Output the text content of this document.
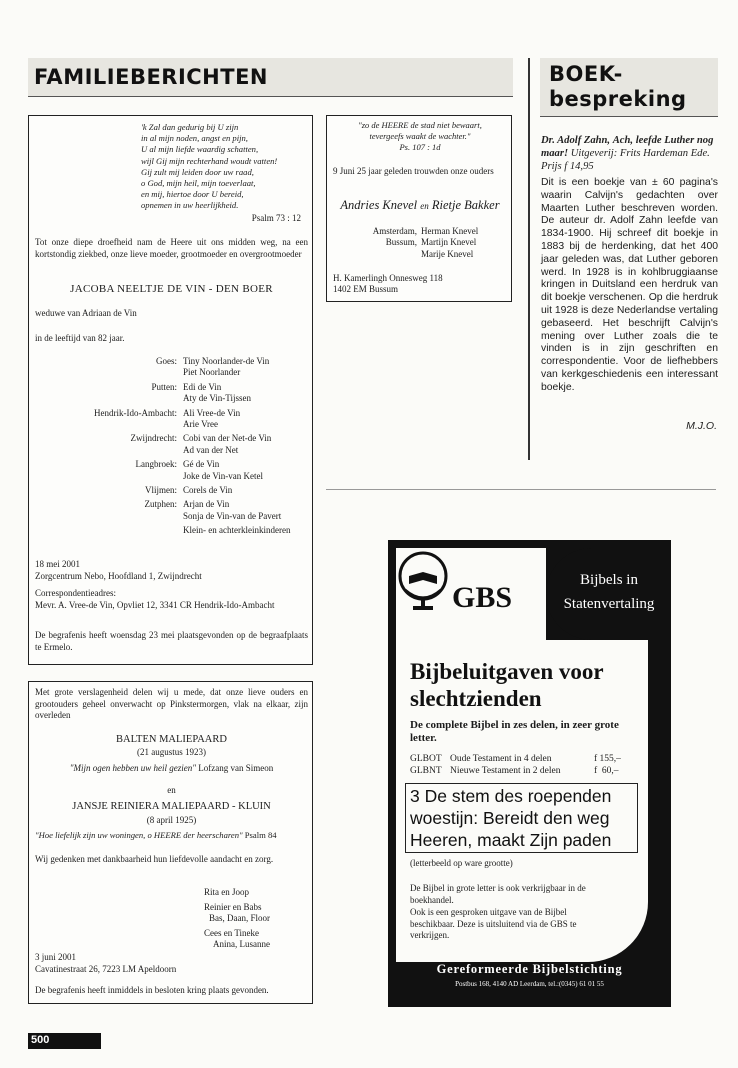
FAMILIEBERICHTEN
'k Zal dan gedurig bij U zijn
in al mijn noden, angst en pijn,
U al mijn liefde waardig schatten,
wijl Gij mijn rechterhand woudt vatten!
Gij zult mij leiden door uw raad,
o God, mijn heil, mijn toeverlaat,
en mij, hiertoe door U bereid,
opnemen in uw heerlijkheid.
Psalm 73 : 12

Tot onze diepe droefheid nam de Heere uit ons midden weg, na een kortstondig ziekbed, onze lieve moeder, grootmoeder en overgrootmoeder

JACOBA NEELTJE DE VIN - DEN BOER
weduwe van Adriaan de Vin
in de leeftijd van 82 jaar.
Goes: Tiny Noorlander-de Vin
Piet Noorlander
Putten: Edi de Vin
Aty de Vin-Tijssen
Hendrik-Ido-Ambacht: Ali Vree-de Vin
Arie Vree
Zwijndrecht: Cobi van der Net-de Vin
Ad van der Net
Langbroek: Gé de Vin
Joke de Vin-van Ketel
Vlijmen: Corels de Vin
Zutphen: Arjan de Vin
Sonja de Vin-van de Pavert
Klein- en achterkleinkinderen
18 mei 2001
Zorgcentrum Nebo, Hoofdland 1, Zwijndrecht
Correspondentieadres:
Mevr. A. Vree-de Vin, Opvliet 12, 3341 CR Hendrik-Ido-Ambacht

De begrafenis heeft woensdag 23 mei plaatsgevonden op de begraafplaats te Ermelo.

"zo de HEERE de stad niet bewaart, tevergeefs waakt de wachter."

Ps. 107 : 1d

9 Juni 25 jaar geleden trouwden onze ouders

Andries Knevel en Rietje Bakker
Amsterdam, Herman Knevel
Bussum, Martijn Knevel
Marije Knevel
H. Kamerlingh Onnesweg 118
1402 EM Bussum

Met grote verslagenheid delen wij u mede, dat onze lieve ouders en grootouders geheel onverwacht op Pinkstermorgen, vlak na elkaar, zijn overleden

BALTEN MALIEPAARD
(21 augustus 1923)
"Mijn ogen hebben uw heil gezien" Lofzang van Simeon
en
JANSJE REINIERA MALIEPAARD - KLUIN
(8 april 1925)
"Hoe liefelijk zijn uw woningen, o HEERE der heerscharen" Psalm 84

Wij gedenken met dankbaarheid hun liefdevolle aandacht en zorg.

Rita en Joop
Reinier en Babs
Bas, Daan, Floor
Cees en Tineke
Anina, Lusanne
3 juni 2001
Cavatinestraat 26, 7223 LM Apeldoorn
De begrafenis heeft inmiddels in besloten kring plaats gevonden.
BOEK-
bespreking
Dr. Adolf Zahn, Ach, leefde Luther nog maar! Uitgeverij: Frits Hardeman Ede. Prijs f 14,95

Dit is een boekje van ± 60 pagina's waarin Calvijn's gedachten over Maarten Luther beschreven worden. De auteur dr. Adolf Zahn leefde van 1834-1900. Hij schreef dit boekje in 1883 bij de herdenking, dat het 400 jaar geleden was, dat Luther geboren werd. In 1928 is in kohlbruggiaanse kringen in Duitsland een herdruk van dit boekje verschenen. Op die herdruk uit 1928 is deze Nederlandse vertaling gebaseerd. Het beschrijft Calvijn's mening over Luther zoals die te vinden is in zijn geschriften en correspondentie. Voor de liefhebbers van kerkgeschiedenis een interessant boekje.

M.J.O.
GBS
Bijbels in
Statenvertaling
Bijbeluitgaven voor slechtzienden
De complete Bijbel in zes delen, in zeer grote letter.
GLBOT Oude Testament in 4 delen	f 155,–
GLBNT Nieuwe Testament in 2 delen	f  60,–
3 De stem des roependen woestijn: Bereidt den weg Heeren, maakt Zijn paden
(letterbeeld op ware grootte)

De Bijbel in grote letter is ook verkrijgbaar in de boekhandel.

Ook is een gesproken uitgave van de Bijbel beschikbaar. Deze is uitsluitend via de GBS te verkrijgen.

Gereformeerde Bijbelstichting
Postbus 168, 4140 AD Leerdam, tel.:(0345) 61 01 55
500
